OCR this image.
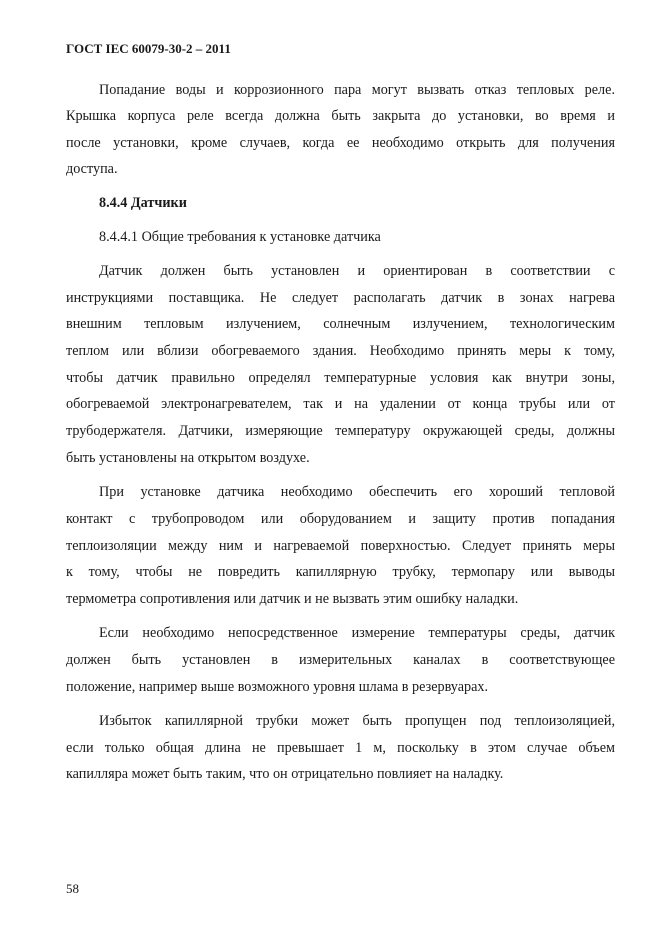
ГОСТ IEC 60079-30-2 – 2011
Попадание воды и коррозионного пара могут вызвать отказ тепловых реле.
Крышка корпуса реле всегда должна быть закрыта до установки, во время и
после установки, кроме случаев, когда ее необходимо открыть для получения
доступа.
8.4.4 Датчики
8.4.4.1 Общие требования к установке датчика
Датчик должен быть установлен и ориентирован в соответствии с
инструкциями поставщика. Не следует располагать датчик в зонах нагрева
внешним тепловым излучением, солнечным излучением, технологическим
теплом или вблизи обогреваемого здания. Необходимо принять меры к тому,
чтобы датчик правильно определял температурные условия как внутри зоны,
обогреваемой электронагревателем, так и на удалении от конца трубы или от
трубодержателя. Датчики, измеряющие температуру окружающей среды, должны
быть установлены на открытом воздухе.
При установке датчика необходимо обеспечить его хороший тепловой
контакт с трубопроводом или оборудованием и защиту против попадания
теплоизоляции между ним и нагреваемой поверхностью. Следует принять меры
к тому, чтобы не повредить капиллярную трубку, термопару или выводы
термометра сопротивления или датчик и не вызвать этим ошибку наладки.
Если необходимо непосредственное измерение температуры среды, датчик
должен быть установлен в измерительных каналах в соответствующее
положение, например выше возможного уровня шлама в резервуарах.
Избыток капиллярной трубки может быть пропущен под теплоизоляцией,
если только общая длина не превышает 1 м, поскольку в этом случае объем
капилляра может быть таким, что он отрицательно повлияет на наладку.
58
